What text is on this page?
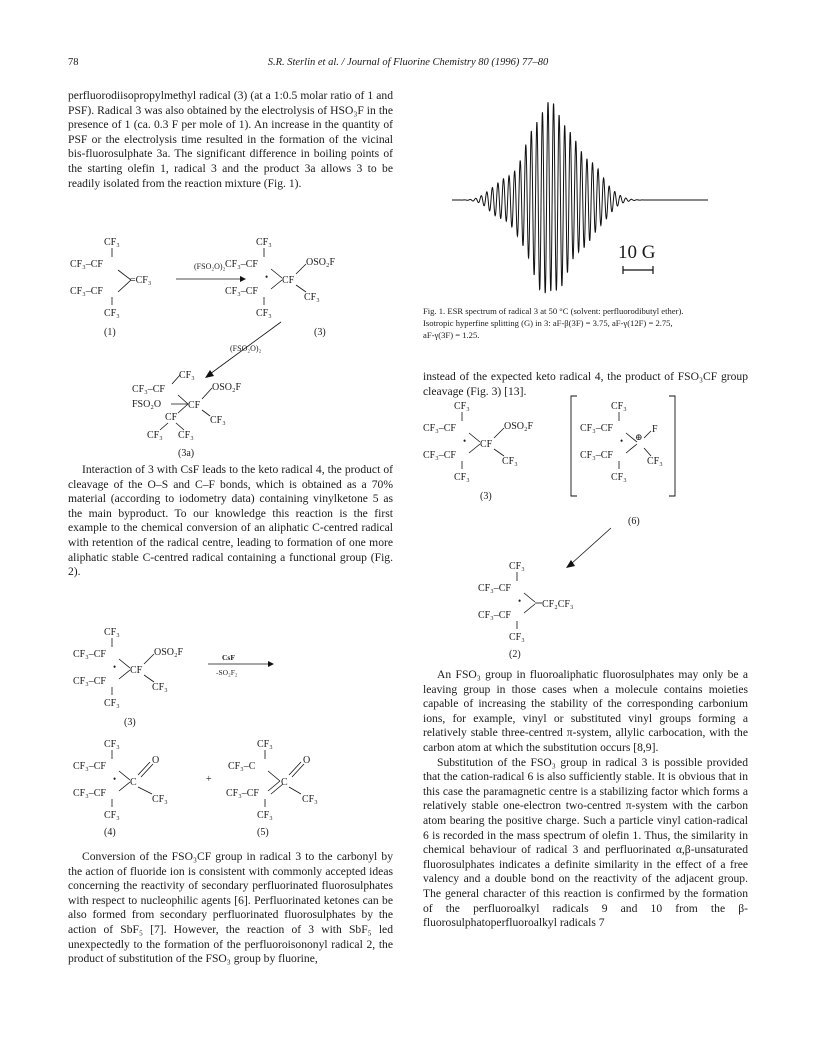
78	S.R. Sterlin et al. / Journal of Fluorine Chemistry 80 (1996) 77–80

perfluorodiisopropylmethyl radical (3) (at a 1:0.5 molar ratio of 1 and PSF). Radical 3 was also obtained by the electrolysis of HSO₃F in the presence of 1 (ca. 0.3 F per mole of 1). An increase in the quantity of PSF or the electrolysis time resulted in the formation of the vicinal bis-fluorosulphate 3a. The significant difference in boiling points of the starting olefin 1, radical 3 and the product 3a allows 3 to be readily isolated from the reaction mixture (Fig. 1).

Interaction of 3 with CsF leads to the keto radical 4, the product of cleavage of the O–S and C–F bonds, which is obtained as a 70% material (according to iodometry data) containing vinylketone 5 as the main byproduct. To our knowledge this reaction is the first example to the chemical conversion of an aliphatic C-centred radical with retention of the radical centre, leading to formation of one more aliphatic stable C-centred radical containing a functional group (Fig. 2).

Conversion of the FSO₃CF group in radical 3 to the carbonyl by the action of fluoride ion is consistent with commonly accepted ideas concerning the reactivity of secondary perfluorinated fluorosulphates with respect to nucleophilic agents [6]. Perfluorinated ketones can be also formed from secondary perfluorinated fluorosulphates by the action of SbF₅ [7]. However, the reaction of 3 with SbF₅ led unexpectedly to the formation of the perfluoroisononyl radical 2, the product of substitution of the FSO₃ group by fluorine,

instead of the expected keto radical 4, the product of FSO₃CF group cleavage (Fig. 3) [13].

An FSO₃ group in fluoroaliphatic fluorosulphates may only be a leaving group in those cases when a molecule contains moieties capable of increasing the stability of the corresponding carbonium ions, for example, vinyl or substituted vinyl groups forming a relatively stable three-centred π-system, allylic carbocation, with the carbon atom at which the substitution occurs [8,9].

Substitution of the FSO₃ group in radical 3 is possible provided that the cation-radical 6 is also sufficiently stable. It is obvious that in this case the paramagnetic centre is a stabilizing factor which forms a relatively stable one-electron two-centred π-system with the carbon atom bearing the positive charge. Such a particle vinyl cation-radical 6 is recorded in the mass spectrum of olefin 1. Thus, the similarity in chemical behaviour of radical 3 and perfluorinated α,β-unsaturated fluorosulphates indicates a definite similarity in the effect of a free valency and a double bond on the reactivity of the adjacent group. The general character of this reaction is confirmed by the formation of the perfluoroalkyl radicals 9 and 10 from the β-fluorosulphatoperfluoroalkyl radicals 7

10 G
Fig. 1. ESR spectrum of radical 3 at 50 °C (solvent: perfluorodibutyl ether).
Isotropic hyperfine splitting (G) in 3: aF-β(3F) = 3.75, aF-γ(12F) = 2.75,
aF-γ(3F) = 1.25.
CF₃
CF₃–CF
=CF₃
CF₃–CF
CF₃
(1)
(FSO₂O)₂
CF₃
CF₃–CF
• CF
OSO₂F
CF₃
CF₃–CF
CF₃
(3)
(FSO₂O)₂
CF₃
CF₃–CF
FSO₂O	CF
OSO₂F
CF₃
CF
CF₃ CF₃
(3a)
CF₃
CF₃–CF
• CF
OSO₂F
CF₃
CF₃–CF
CF₃
(3)
CsF
-SO₂F₂
CF₃
CF₃–CF
• C
O
CF₃
CF₃–CF
CF₃
(4)
+
CF₃
CF₃–C
C
O
CF₃
CF₃–CF
CF₃
(5)
CF₃
CF₃–CF
• CF
OSO₂F
CF₃
CF₃–CF
CF₃
(3)
CF₃
CF₃–CF
• ⊕
F
CF₃
CF₃–CF
CF₃
(6)
CF₃
CF₃–CF
• CF₂CF₃
CF₃–CF
CF₃
(2)
